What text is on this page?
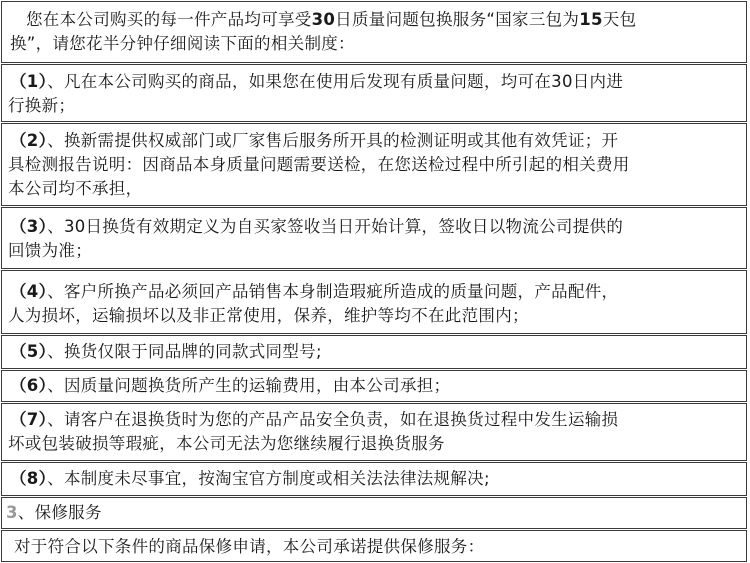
您在本公司购买的每一件产品均可享受30日质量问题包换服务“国家三包为15天包

换”，请您花半分钟仔细阅读下面的相关制度：

（1）、凡在本公司购买的商品，如果您在使用后发现有质量问题，均可在30日内进

行换新；

（2）、换新需提供权威部门或厂家售后服务所开具的检测证明或其他有效凭证；开

具检测报告说明：因商品本身质量问题需要送检，在您送检过程中所引起的相关费用

本公司均不承担，

（3）、30日换货有效期定义为自买家签收当日开始计算，签收日以物流公司提供的

回馈为准；

（4）、客户所换产品必须回产品销售本身制造瑕疵所造成的质量问题，产品配件，

人为损坏，运输损坏以及非正常使用，保养，维护等均不在此范围内；

（5）、换货仅限于同品牌的同款式同型号;

（6）、因质量问题换货所产生的运输费用，由本公司承担；

（7）、请客户在退换货时为您的产品产品安全负责，如在退换货过程中发生运输损

坏或包装破损等瑕疵，本公司无法为您继续履行退换货服务

（8）、本制度未尽事宜，按淘宝官方制度或相关法法律法规解决;

3、保修服务

对于符合以下条件的商品保修申请，本公司承诺提供保修服务：
